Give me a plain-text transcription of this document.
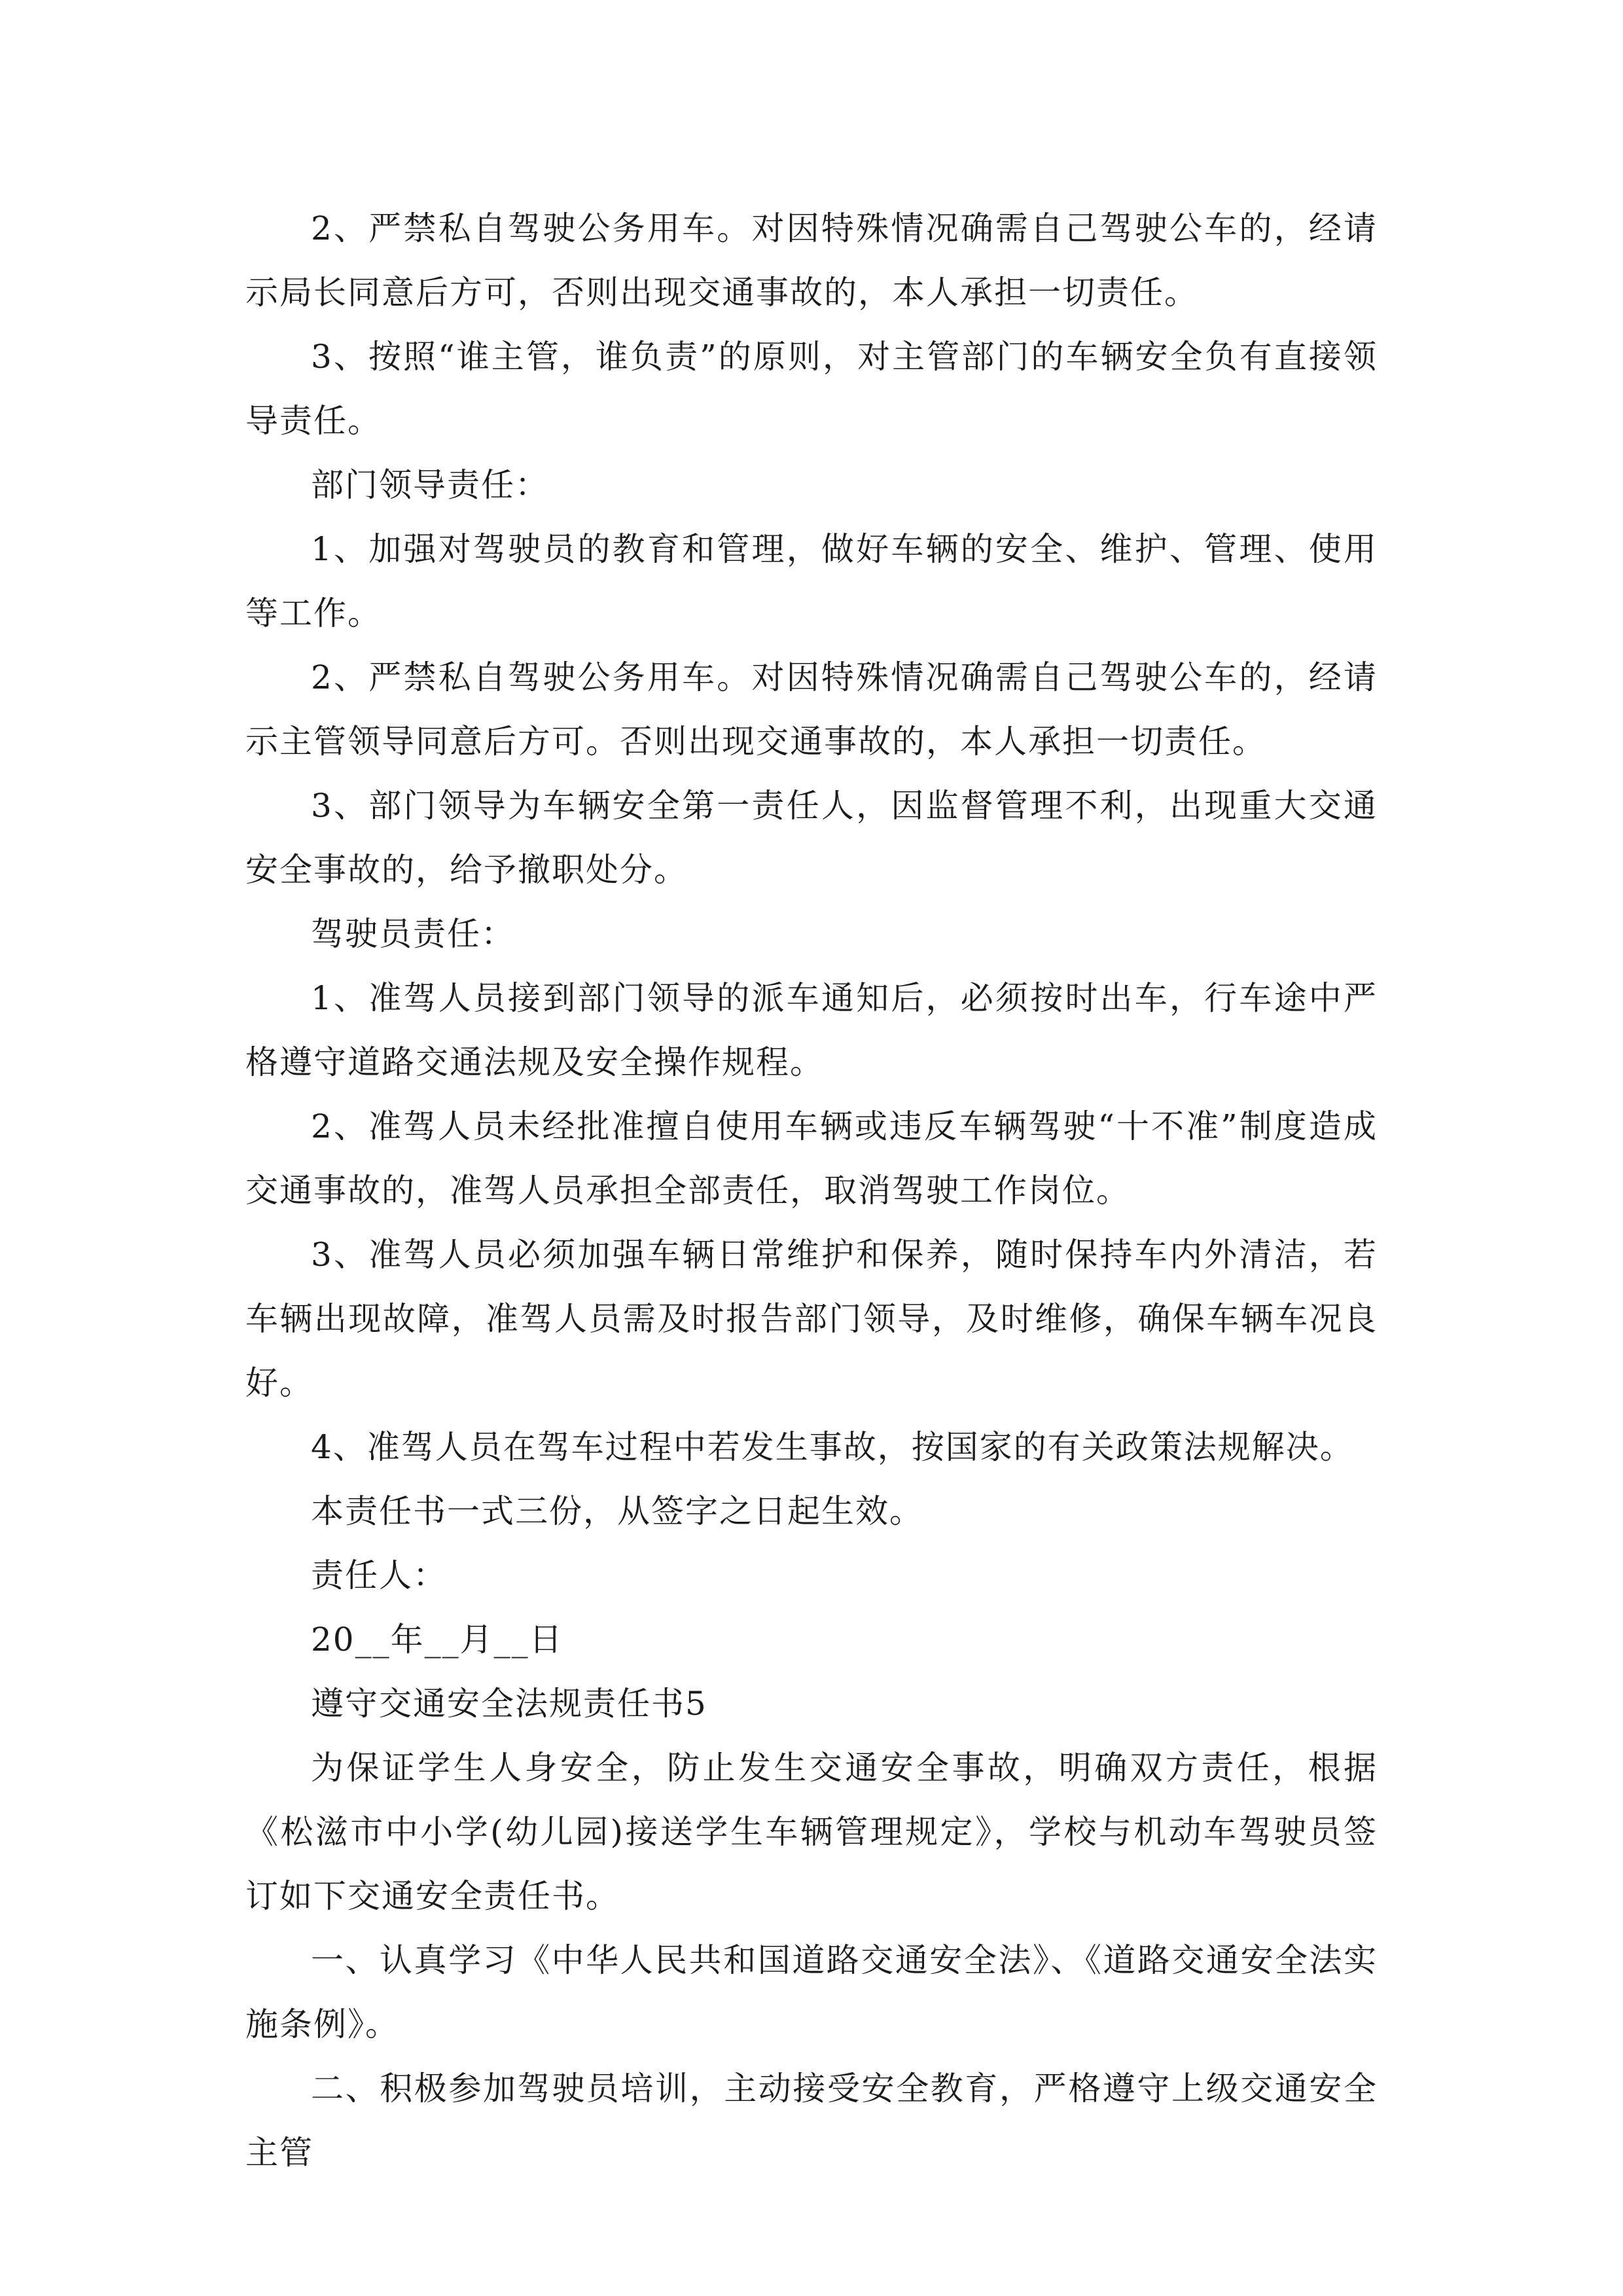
2、严禁私自驾驶公务用车。对因特殊情况确需自己驾驶公车的，经请示局长同意后方可，否则出现交通事故的，本人承担一切责任。

3、按照“谁主管，谁负责”的原则，对主管部门的车辆安全负有直接领导责任。

部门领导责任：

1、加强对驾驶员的教育和管理，做好车辆的安全、维护、管理、使用等工作。

2、严禁私自驾驶公务用车。对因特殊情况确需自己驾驶公车的，经请示主管领导同意后方可。否则出现交通事故的，本人承担一切责任。

3、部门领导为车辆安全第一责任人，因监督管理不利，出现重大交通安全事故的，给予撤职处分。

驾驶员责任：

1、准驾人员接到部门领导的派车通知后，必须按时出车，行车途中严格遵守道路交通法规及安全操作规程。

2、准驾人员未经批准擅自使用车辆或违反车辆驾驶“十不准”制度造成交通事故的，准驾人员承担全部责任，取消驾驶工作岗位。

3、准驾人员必须加强车辆日常维护和保养，随时保持车内外清洁，若车辆出现故障，准驾人员需及时报告部门领导，及时维修，确保车辆车况良好。

4、准驾人员在驾车过程中若发生事故，按国家的有关政策法规解决。

本责任书一式三份，从签字之日起生效。

责任人：

20__年__月__日

遵守交通安全法规责任书5

为保证学生人身安全，防止发生交通安全事故，明确双方责任，根据《松滋市中小学(幼儿园)接送学生车辆管理规定》，学校与机动车驾驶员签订如下交通安全责任书。

一、认真学习《中华人民共和国道路交通安全法》、《道路交通安全法实施条例》。

二、积极参加驾驶员培训，主动接受安全教育，严格遵守上级交通安全主管
